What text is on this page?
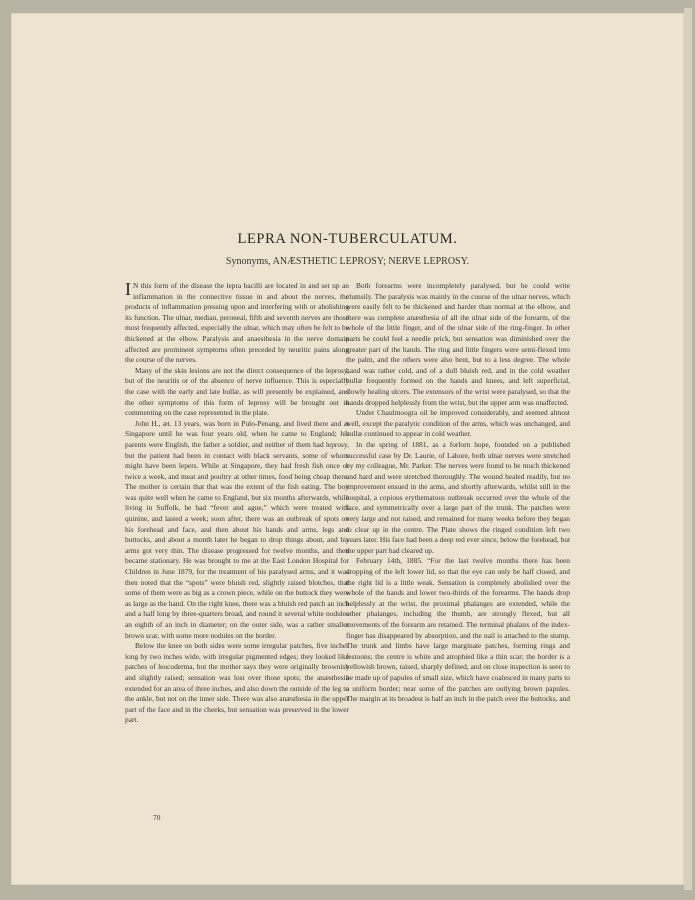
LEPRA NON-TUBERCULATUM.
Synonyms, ANÆSTHETIC LEPROSY; NERVE LEPROSY.

I N this form of the disease the lepra bacilli are located in and set up an inflammation in the connective tissue in and about the nerves, the products of inflammation pressing upon and interfering with or abolishing its function. The ulnar, median, peroneal, fifth and seventh nerves are those most frequently affected, especially the ulnar, which may often be felt to be thickened at the elbow. Paralysis and anaesthesia in the nerve domain affected are prominent symptoms often preceded by neuritic pains along the course of the nerves.

Many of the skin lesions are not the direct consequence of the leprosy, but of the neuritis or of the absence of nerve influence. This is especially the case with the early and late bullæ, as will presently be explained, and the other symptoms of this form of leprosy will be brought out in commenting on the case represented in the plate.

John H., æt. 13 years, was born in Pulo-Penang, and lived there and at Singapore until he was four years old, when he came to England; his parents were English, the father a soldier, and neither of them had leprosy, but the patient had been in contact with black servants, some of whom might have been lepers. While at Singapore, they had fresh fish once or twice a week, and meat and poultry at other times, food being cheap there. The mother is certain that that was the extent of the fish eating. The boy was quite well when he came to England, but six months afterwards, while living in Suffolk, he had “fever and ague,” which were treated with quinine, and lasted a week; soon after, there was an outbreak of spots on his forehead and face, and then about his hands and arms, legs and buttocks, and about a month later he began to drop things about, and his arms got very thin. The disease progressed for twelve months, and then became stationary. He was brought to me at the East London Hospital for Children in June 1879, for the treatment of his paralysed arms, and it was then noted that the “spots” were bluish red, slightly raised blotches, that some of them were as big as a crown piece, while on the buttock they were as large as the hand. On the right knee, there was a bluish red patch an inch and a half long by three-quarters broad, and round it several white nodules an eighth of an inch in diameter; on the outer side, was a rather smaller brown scar, with some more nodules on the border.

Below the knee on both sides were some irregular patches, five inches long by two inches wide, with irregular pigmented edges; they looked like patches of leucoderma, but the mother says they were originally brownish and slightly raised; sensation was lost over those spots; the anæsthesia extended for an area of three inches, and also down the outside of the leg to the ankle, but not on the inner side. There was also anæsthesia in the upper part of the face and in the cheeks, but sensation was preserved in the lower part.

Both forearms were incompletely paralysed, but he could write clumsily. The paralysis was mainly in the course of the ulnar nerves, which were easily felt to be thickened and harder than normal at the elbow, and there was complete anæsthesia of all the ulnar side of the forearm, of the whole of the little finger, and of the ulnar side of the ring-finger. In other parts he could feel a needle prick, but sensation was diminished over the greater part of the hands. The ring and little fingers were semi-flexed into the palm, and the others were also bent, but to a less degree. The whole hand was rather cold, and of a dull bluish red, and in the cold weather bullæ frequently formed on the hands and knees, and left superficial, slowly healing ulcers. The extensors of the wrist were paralysed, so that the hands dropped helplessly from the wrist, but the upper arm was unaffected.

Under Chaulmoogra oil he improved considerably, and seemed almost well, except the paralytic condition of the arms, which was unchanged, and bullæ continued to appear in cold weather.

In the spring of 1881, as a forlorn hope, founded on a published successful case by Dr. Laurie, of Lahore, both ulnar nerves were stretched by my colleague, Mr. Parker. The nerves were found to be much thickened and hard and were stretched thoroughly. The wound healed readily, but no improvement ensued in the arms, and shortly afterwards, whilst still in the hospital, a copious erythematous outbreak occurred over the whole of the face, and symmetrically over a large part of the trunk. The patches were very large and not raised, and remained for many weeks before they began to clear up in the centre. The Plate shows the ringed condition left two years later. His face had been a deep red ever since, below the forehead, but the upper part had cleared up.

February 14th, 1885. “For the last twelve months there has been dropping of the left lower lid, so that the eye can only be half closed, and the right lid is a little weak. Sensation is completely abolished over the whole of the hands and lower two-thirds of the forearms. The hands drop helplessly at the wrist, the proximal phalanges are extended, while the other phalanges, including the thumb, are strongly flexed, but all movements of the forearm are retained. The terminal phalanx of the index-finger has disappeared by absorption, and the nail is attached to the stump. The trunk and limbs have large marginate patches, forming rings and festoons; the centre is white and atrophied like a thin scar; the border is a yellowish brown, raised, sharply defined, and on close inspection is seen to be made up of papules of small size, which have coalesced in many parts to a uniform border; near some of the patches are outlying brown papules. The margin at its broadest is half an inch in the patch over the buttocks, and

70
